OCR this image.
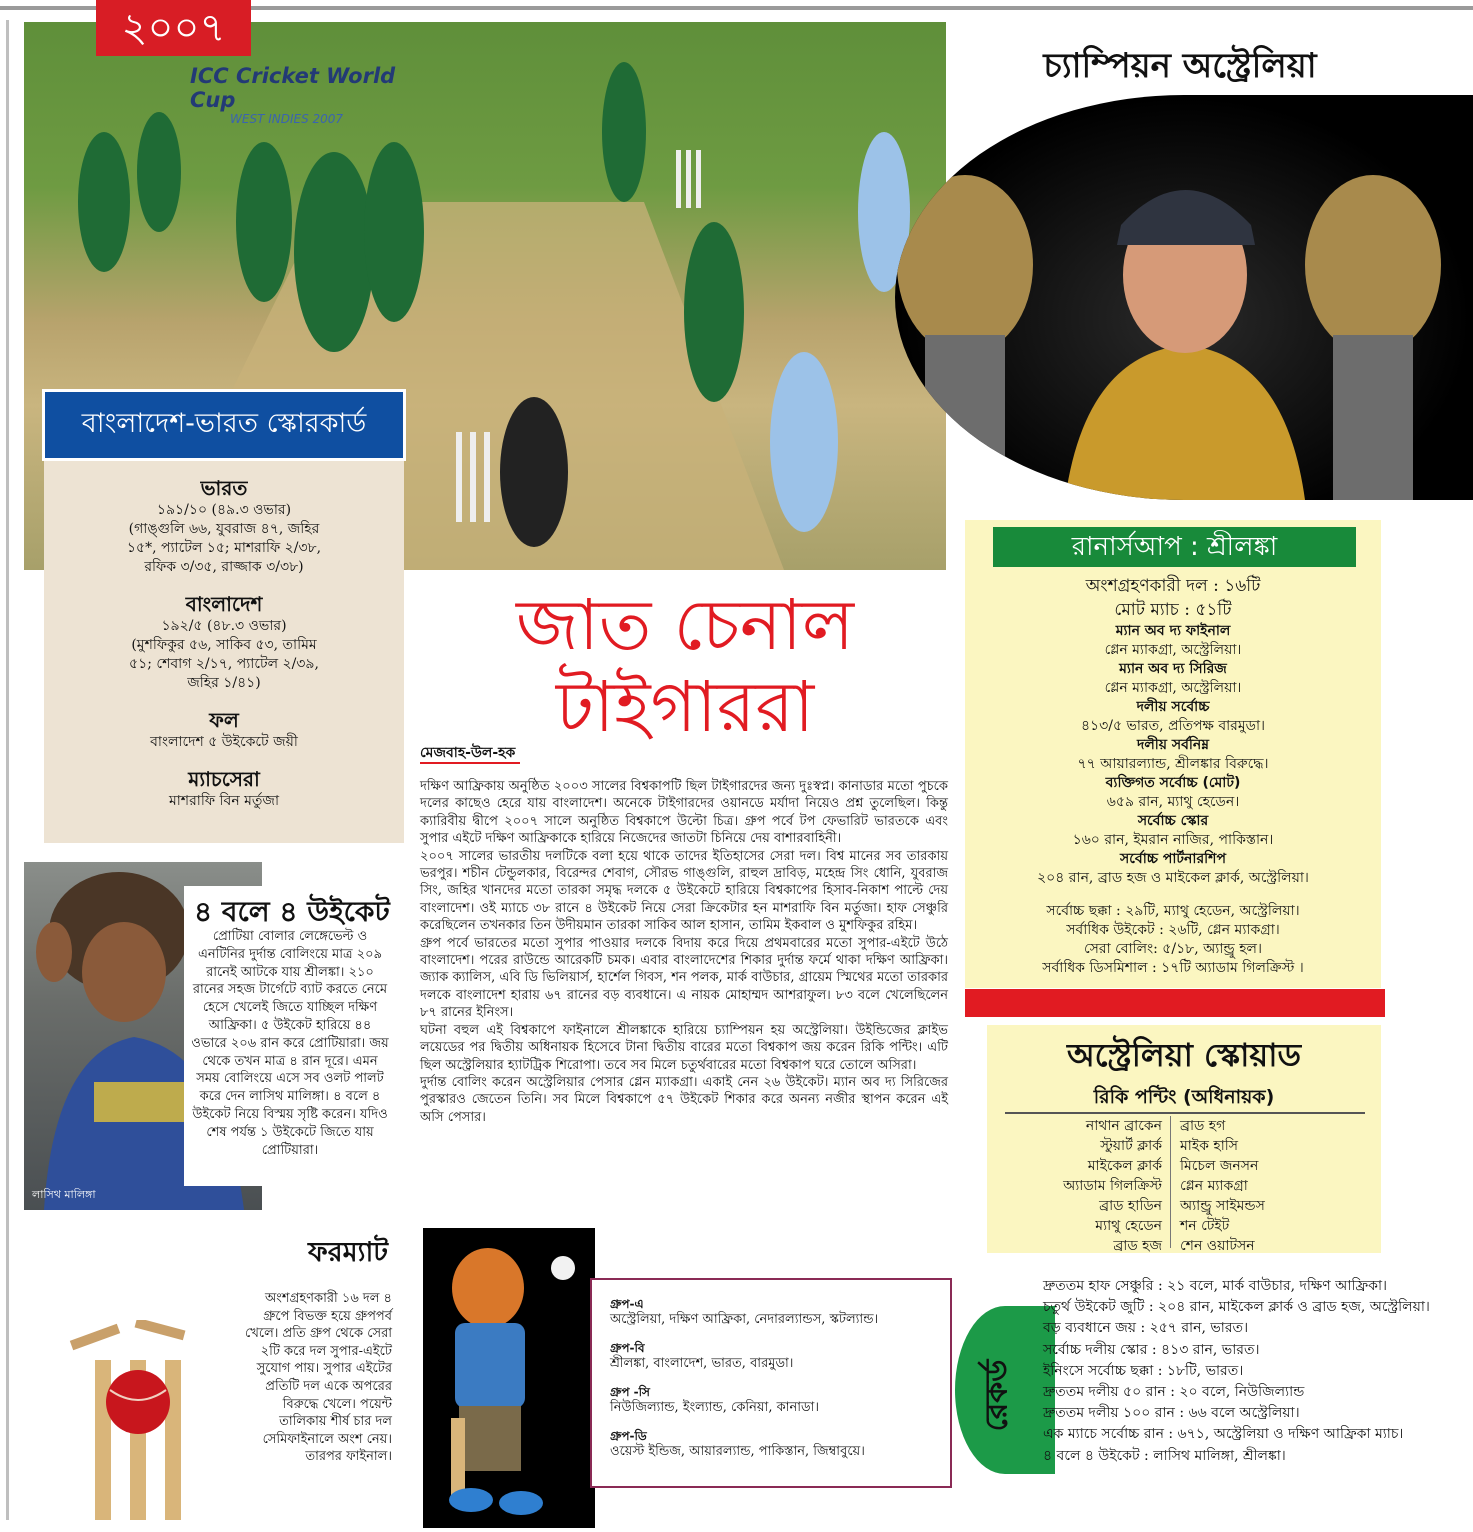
২০০৭
ICC Cricket World Cup
WEST INDIES 2007
বাংলাদেশ-ভারত স্কোরকার্ড
ভারত
১৯১/১০ (৪৯.৩ ওভার)
(গাঙ্গুলি ৬৬, যুবরাজ ৪৭, জহির
১৫*, প্যাটেল ১৫; মাশরাফি ২/৩৮,
রফিক ৩/৩৫, রাজ্জাক ৩/৩৮)
বাংলাদেশ
১৯২/৫ (৪৮.৩ ওভার)
(মুশফিকুর ৫৬, সাকিব ৫৩, তামিম
৫১; শেবাগ ২/১৭, প্যাটেল ২/৩৯,
জহির ১/৪১)
ফল
বাংলাদেশ ৫ উইকেটে জয়ী
ম্যাচসেরা
মাশরাফি বিন মর্তুজা
চ্যাম্পিয়ন অস্ট্রেলিয়া
রানার্সআপ : শ্রীলঙ্কা
অংশগ্রহণকারী দল : ১৬টি
মোট ম্যাচ : ৫১টি
ম্যান অব দ্য ফাইনাল
গ্লেন ম্যাকগ্রা, অস্ট্রেলিয়া।
ম্যান অব দ্য সিরিজ
গ্লেন ম্যাকগ্রা, অস্ট্রেলিয়া।
দলীয় সর্বোচ্চ
৪১৩/৫ ভারত, প্রতিপক্ষ বারমুডা।
দলীয় সর্বনিম্ন
৭৭ আয়ারল্যান্ড, শ্রীলঙ্কার বিরুদ্ধে।
ব্যক্তিগত সর্বোচ্চ (মোট)
৬৫৯ রান, ম্যাথু হেডেন।
সর্বোচ্চ স্কোর
১৬০ রান, ইমরান নাজির, পাকিস্তান।
সর্বোচ্চ পার্টনারশিপ
২০৪ রান, ব্রাড হজ ও মাইকেল ক্লার্ক, অস্ট্রেলিয়া।
সর্বোচ্চ ছক্কা : ২৯টি, ম্যাথু হেডেন, অস্ট্রেলিয়া।
সর্বাধিক উইকেট : ২৬টি, গ্লেন ম্যাকগ্রা।
সেরা বোলিং: ৫/১৮, অ্যান্ড্রু হল।
সর্বাধিক ডিসমিশাল : ১৭টি অ্যাডাম গিলক্রিস্ট ।
অস্ট্রেলিয়া স্কোয়াড
রিকি পন্টিং (অধিনায়ক)
নাথান ব্রাকেন
স্টুয়ার্ট ক্লার্ক
মাইকেল ক্লার্ক
অ্যাডাম গিলক্রিস্ট
ব্রাড হাডিন
ম্যাথু হেডেন
ব্রাড হজ
ব্রাড হগ
মাইক হাসি
মিচেল জনসন
গ্লেন ম্যাকগ্রা
অ্যান্ড্রু সাইমন্ডস
শন টেইট
শেন ওয়াটসন
জাত চেনাল
টাইগাররা
মেজবাহ-উল-হক

দক্ষিণ আফ্রিকায় অনুষ্ঠিত ২০০৩ সালের বিশ্বকাপটি ছিল টাইগারদের জন্য দুঃস্বপ্ন। কানাডার মতো পুচকে দলের কাছেও হেরে যায় বাংলাদেশ। অনেকে টাইগারদের ওয়ানডে মর্যাদা নিয়েও প্রশ্ন তুলেছিল। কিন্তু ক্যারিবীয় দ্বীপে ২০০৭ সালে অনুষ্ঠিত বিশ্বকাপে উল্টো চিত্র। গ্রুপ পর্বে টপ ফেভারিট ভারতকে এবং সুপার এইটে দক্ষিণ আফ্রিকাকে হারিয়ে নিজেদের জাতটা চিনিয়ে দেয় বাশারবাহিনী।

২০০৭ সালের ভারতীয় দলটিকে বলা হয়ে থাকে তাদের ইতিহাসের সেরা দল। বিশ্ব মানের সব তারকায় ভরপুর। শচীন টেন্ডুলকার, বিরেন্দর শেবাগ, সৌরভ গাঙ্গুলি, রাহুল দ্রাবিড়, মহেন্দ্র সিং ধোনি, যুবরাজ সিং, জহির খানদের মতো তারকা সমৃদ্ধ দলকে ৫ উইকেটে হারিয়ে বিশ্বকাপের হিসাব-নিকাশ পাল্টে দেয় বাংলাদেশ। ওই ম্যাচে ৩৮ রানে ৪ উইকেট নিয়ে সেরা ক্রিকেটার হন মাশরাফি বিন মর্তুজা। হাফ সেঞ্চুরি করেছিলেন তখনকার তিন উদীয়মান তারকা সাকিব আল হাসান, তামিম ইকবাল ও মুশফিকুর রহিম।

গ্রুপ পর্বে ভারতের মতো সুপার পাওয়ার দলকে বিদায় করে দিয়ে প্রথমবারের মতো সুপার-এইটে উঠে বাংলাদেশ। পরের রাউন্ডে আরেকটি চমক। এবার বাংলাদেশের শিকার দুর্দান্ত ফর্মে থাকা দক্ষিণ আফ্রিকা। জ্যাক ক্যালিস, এবি ডি ভিলিয়ার্স, হার্শেল গিবস, শন পলক, মার্ক বাউচার, গ্রায়েম স্মিথের মতো তারকার দলকে বাংলাদেশ হারায় ৬৭ রানের বড় ব্যবধানে। এ নায়ক মোহাম্মদ আশরাফুল। ৮৩ বলে খেলেছিলেন ৮৭ রানের ইনিংস।

ঘটনা বহুল এই বিশ্বকাপে ফাইনালে শ্রীলঙ্কাকে হারিয়ে চ্যাম্পিয়ন হয় অস্ট্রেলিয়া। উইন্ডিজের ক্লাইভ লয়েডের পর দ্বিতীয় অধিনায়ক হিসেবে টানা দ্বিতীয় বারের মতো বিশ্বকাপ জয় করেন রিকি পন্টিং। এটি ছিল অস্ট্রেলিয়ার হ্যাটট্রিক শিরোপা। তবে সব মিলে চতুর্থবারের মতো বিশ্বকাপ ঘরে তোলে অসিরা।

দুর্দান্ত বোলিং করেন অস্ট্রেলিয়ার পেসার গ্লেন ম্যাকগ্রা। একাই নেন ২৬ উইকেট। ম্যান অব দ্য সিরিজের পুরস্কারও জেতেন তিনি। সব মিলে বিশ্বকাপে ৫৭ উইকেট শিকার করে অনন্য নজীর স্থাপন করেন এই অসি পেসার।

লাসিথ মালিঙ্গা
৪ বলে ৪ উইকেট
প্রোটিয়া বোলার লেঙ্গেভেল্ট ও এনটিনির দুর্দান্ত বোলিংয়ে মাত্র ২০৯ রানেই আটকে যায় শ্রীলঙ্কা। ২১০ রানের সহজ টার্গেটে ব্যাট করতে নেমে হেসে খেলেই জিতে যাচ্ছিল দক্ষিণ আফ্রিকা। ৫ উইকেট হারিয়ে ৪৪ ওভারে ২০৬ রান করে প্রোটিয়ারা। জয় থেকে তখন মাত্র ৪ রান দূরে। এমন সময় বোলিংয়ে এসে সব ওলট পালট করে দেন লাসিথ মালিঙ্গা। ৪ বলে ৪ উইকেট নিয়ে বিস্ময় সৃষ্টি করেন। যদিও শেষ পর্যন্ত ১ উইকেটে জিতে যায় প্রোটিয়ারা।
ফরম্যাট
অংশগ্রহণকারী ১৬ দল ৪ গ্রুপে বিভক্ত হয়ে গ্রুপপর্ব খেলে। প্রতি গ্রুপ থেকে সেরা ২টি করে দল সুপার-এইটে সুযোগ পায়। সুপার এইটের প্রতিটি দল একে অপরের বিরুদ্ধে খেলে। পয়েন্ট তালিকায় শীর্ষ চার দল সেমিফাইনালে অংশ নেয়। তারপর ফাইনাল।
গ্রুপ-এ
অস্ট্রেলিয়া, দক্ষিণ আফ্রিকা, নেদারল্যান্ডস, স্কটল্যান্ড।
গ্রুপ-বি
শ্রীলঙ্কা, বাংলাদেশ, ভারত, বারমুডা।
গ্রুপ -সি
নিউজিল্যান্ড, ইংল্যান্ড, কেনিয়া, কানাডা।
গ্রুপ-ডি
ওয়েস্ট ইন্ডিজ, আয়ারল্যান্ড, পাকিস্তান, জিম্বাবুয়ে।
রেকর্ড
দ্রুততম হাফ সেঞ্চুরি : ২১ বলে, মার্ক বাউচার, দক্ষিণ আফ্রিকা।
চতুর্থ উইকেট জুটি : ২০৪ রান, মাইকেল ক্লার্ক ও ব্রাড হজ, অস্ট্রেলিয়া।
বড় ব্যবধানে জয় : ২৫৭ রান, ভারত।
সর্বোচ্চ দলীয় স্কোর : ৪১৩ রান, ভারত।
ইনিংসে সর্বোচ্চ ছক্কা : ১৮টি, ভারত।
দ্রুততম দলীয় ৫০ রান : ২০ বলে, নিউজিল্যান্ড
দ্রুততম দলীয় ১০০ রান : ৬৬ বলে অস্ট্রেলিয়া।
এক ম্যাচে সর্বোচ্চ রান : ৬৭১, অস্ট্রেলিয়া ও দক্ষিণ আফ্রিকা ম্যাচ।
৪ বলে ৪ উইকেট : লাসিথ মালিঙ্গা, শ্রীলঙ্কা।
